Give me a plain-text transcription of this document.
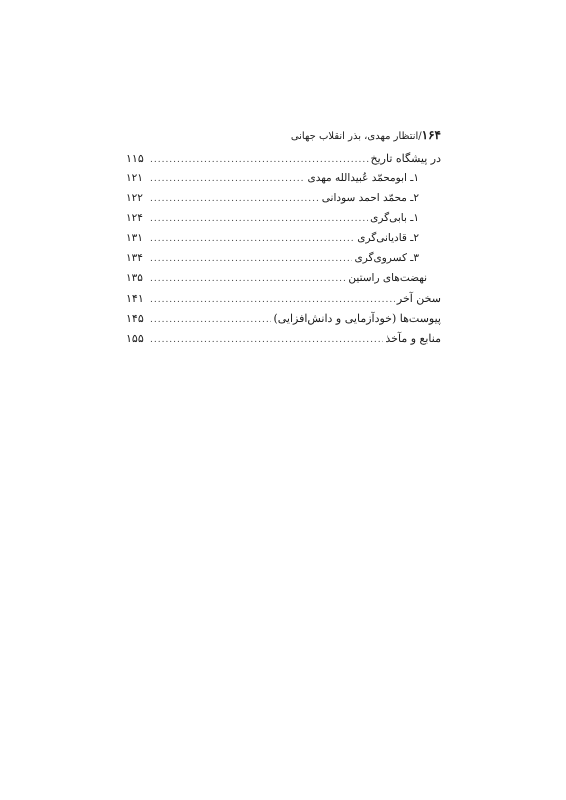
۱۶۴/انتظار مهدی، بذر انقلاب جهانی
در پیشگاه تاریخ
.....
۱۱۵
۱ـ ابومحمّد عُبیدالله مهدی
.....
۱۲۱
۲ـ محمّد احمد سودانی
.....
۱۲۲
۱ـ بابی‌گری
.....
۱۲۴
۲ـ قادیانی‌گری
.....
۱۳۱
۳ـ کسروی‌گری
.....
۱۳۴
نهضت‌های راستین
.....
۱۳۵
سخن آخر
.....
۱۴۱
پیوست‌ها (خودآزمایی و دانش‌افزایی)
.....
۱۴۵
منابع و مآخذ
.....
۱۵۵
